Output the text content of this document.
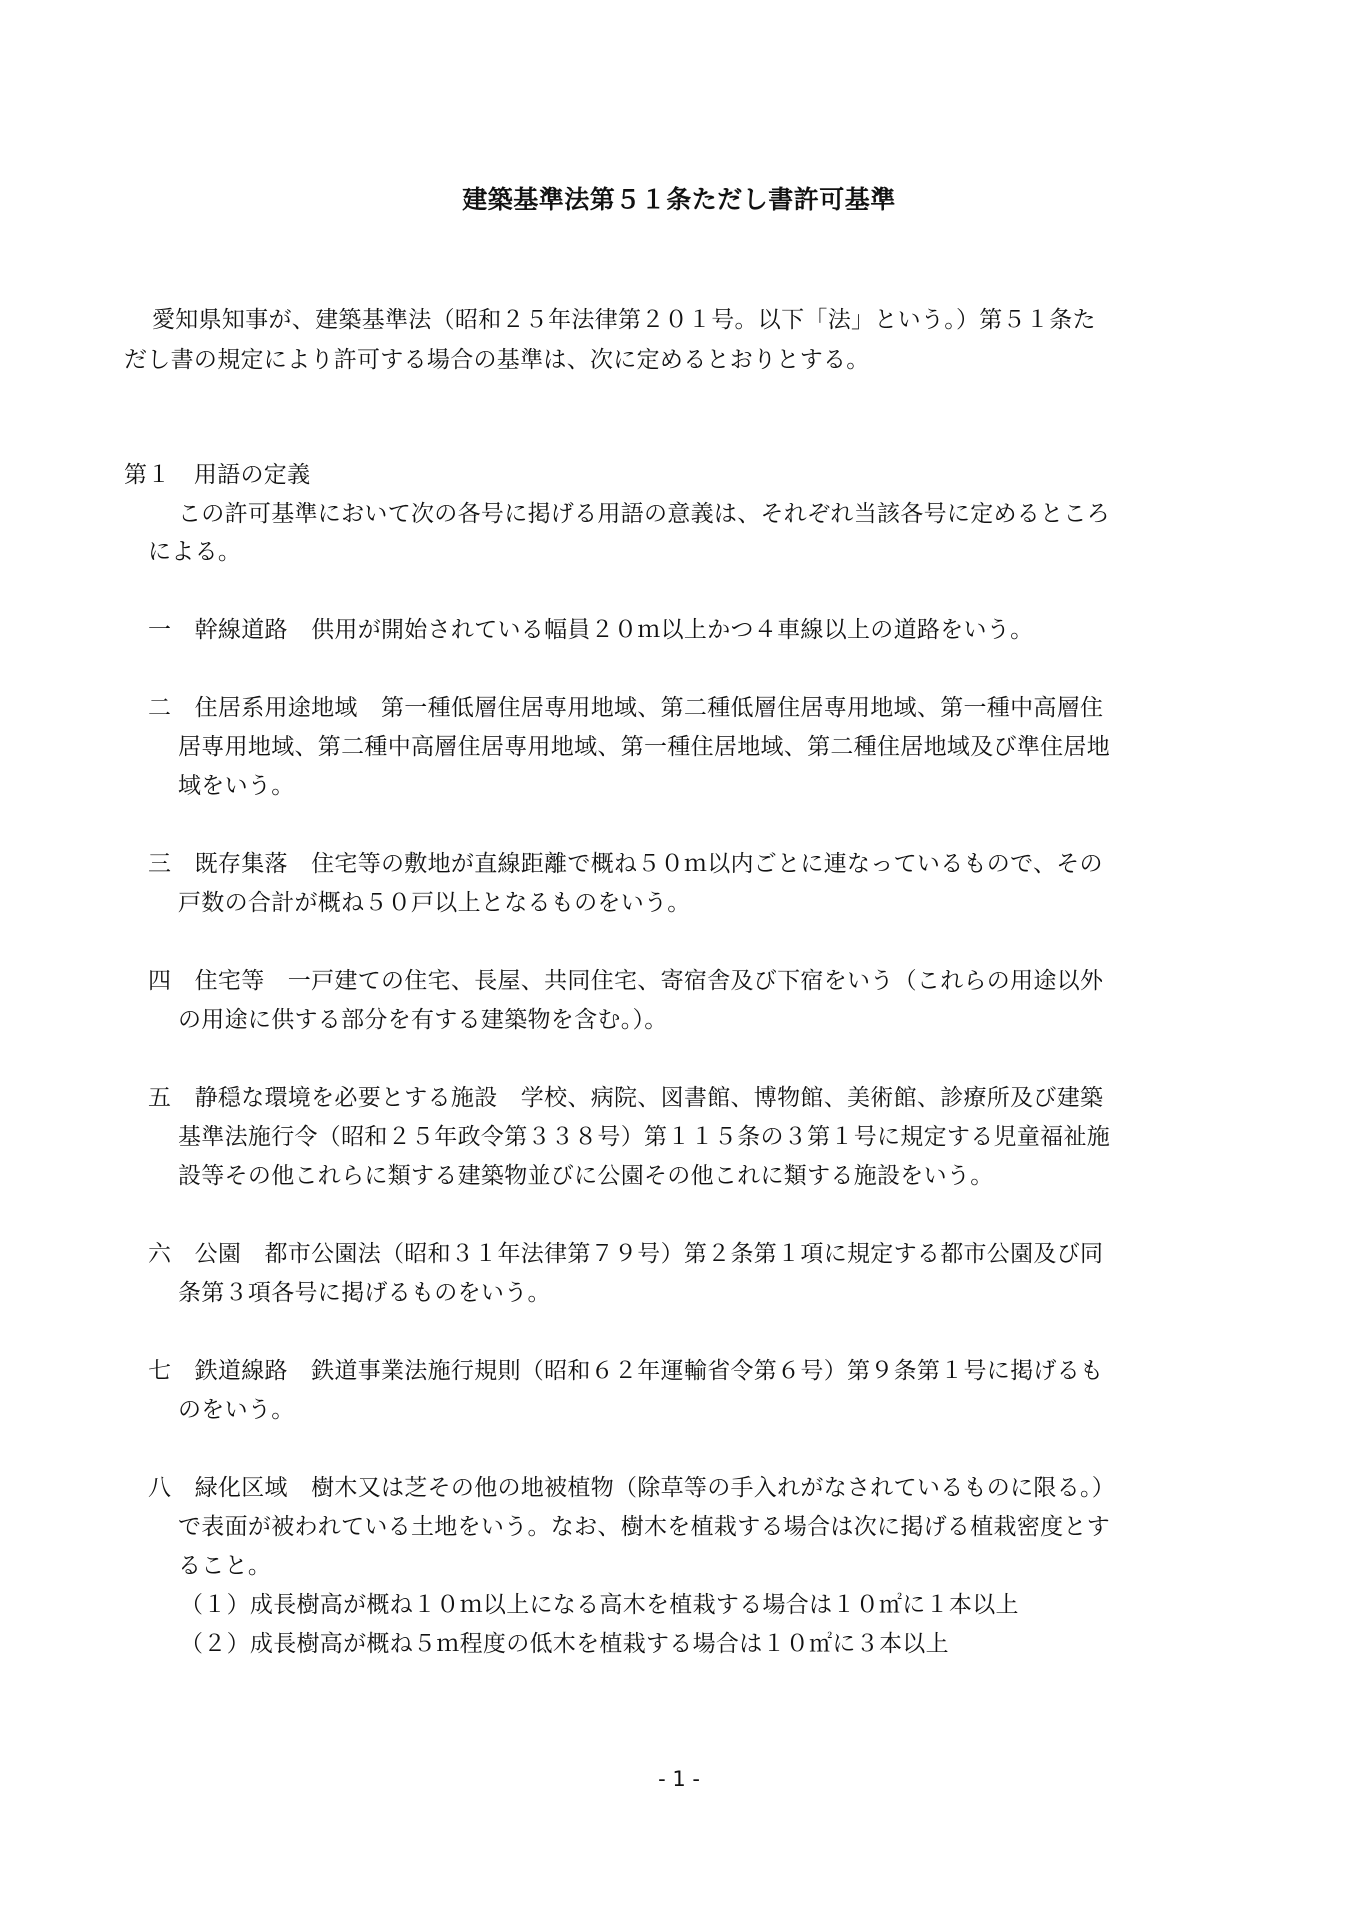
建築基準法第５１条ただし書許可基準
愛知県知事が、建築基準法（昭和２５年法律第２０１号。以下「法」という。）第５１条た
だし書の規定により許可する場合の基準は、次に定めるとおりとする。
第１　用語の定義
この許可基準において次の各号に掲げる用語の意義は、それぞれ当該各号に定めるところ
による。
一　幹線道路　供用が開始されている幅員２０ｍ以上かつ４車線以上の道路をいう。
二　住居系用途地域　第一種低層住居専用地域、第二種低層住居専用地域、第一種中高層住
居専用地域、第二種中高層住居専用地域、第一種住居地域、第二種住居地域及び準住居地
域をいう。
三　既存集落　住宅等の敷地が直線距離で概ね５０ｍ以内ごとに連なっているもので、その
戸数の合計が概ね５０戸以上となるものをいう。
四　住宅等　一戸建ての住宅、長屋、共同住宅、寄宿舎及び下宿をいう（これらの用途以外
の用途に供する部分を有する建築物を含む。）。
五　静穏な環境を必要とする施設　学校、病院、図書館、博物館、美術館、診療所及び建築
基準法施行令（昭和２５年政令第３３８号）第１１５条の３第１号に規定する児童福祉施
設等その他これらに類する建築物並びに公園その他これに類する施設をいう。
六　公園　都市公園法（昭和３１年法律第７９号）第２条第１項に規定する都市公園及び同
条第３項各号に掲げるものをいう。
七　鉄道線路　鉄道事業法施行規則（昭和６２年運輸省令第６号）第９条第１号に掲げるも
のをいう。
八　緑化区域　樹木又は芝その他の地被植物（除草等の手入れがなされているものに限る。）
で表面が被われている土地をいう。なお、樹木を植栽する場合は次に掲げる植栽密度とす
ること。
（１）成長樹高が概ね１０ｍ以上になる高木を植栽する場合は１０㎡に１本以上
（２）成長樹高が概ね５ｍ程度の低木を植栽する場合は１０㎡に３本以上
- 1 -
